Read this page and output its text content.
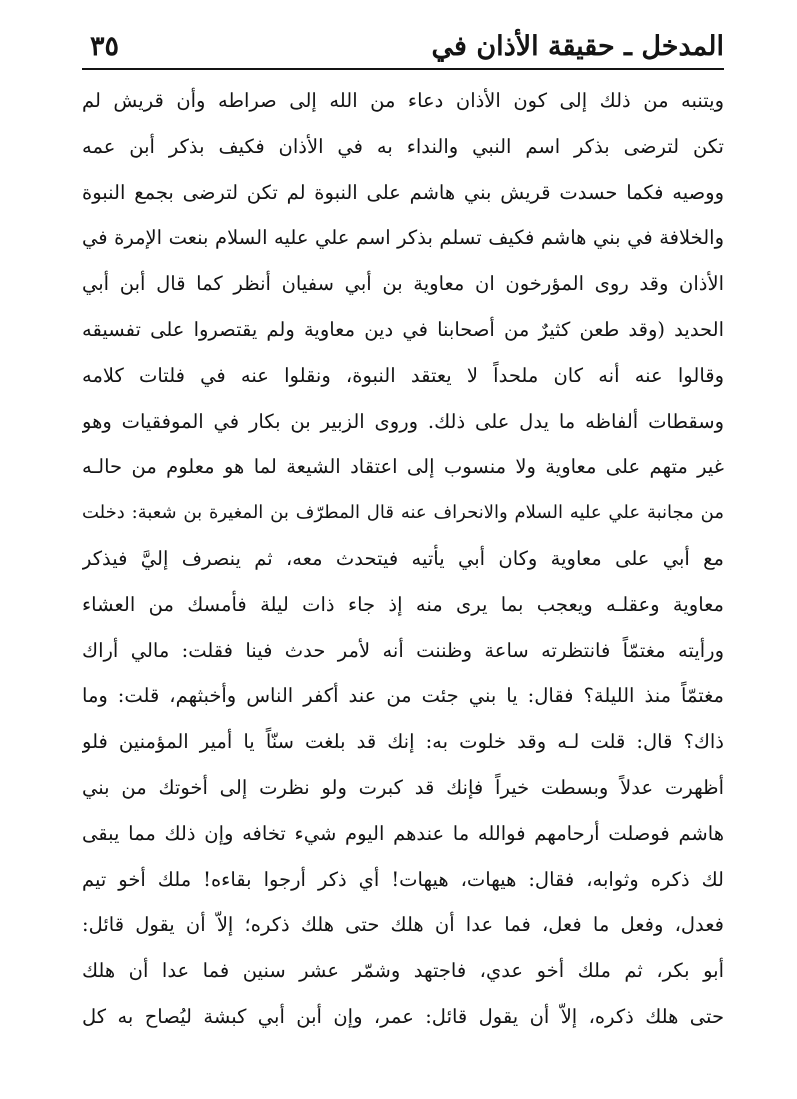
المدخل ـ حقيقة الأذان في
٣٥
ويتنبه من ذلك إلى كون الأذان دعاء من الله إلى صراطه وأن قريش لم
تكن لترضى بذكر اسم النبي والنداء به في الأذان فكيف بذكر أبن عمه
ووصيه فكما حسدت قريش بني هاشم على النبوة لم تكن لترضى بجمع النبوة
والخلافة في بني هاشم فكيف تسلم بذكر اسم علي عليه السلام بنعت الإمرة في
الأذان وقد روى المؤرخون ان معاوية بن أبي سفيان أنظر كما قال أبن أبي
الحديد (وقد طعن كثيرٌ من أصحابنا في دين معاوية ولم يقتصروا على تفسيقه
وقالوا عنه أنه كان ملحداً لا يعتقد النبوة، ونقلوا عنه في فلتات كلامه
وسقطات ألفاظه ما يدل على ذلك. وروى الزبير بن بكار في الموفقيات وهو
غير متهم على معاوية ولا منسوب إلى اعتقاد الشيعة لما هو معلوم من حالـه
من مجانبة علي عليه السلام والانحراف عنه قال المطرّف بن المغيرة بن شعبة: دخلت
مع أبي على معاوية وكان أبي يأتيه فيتحدث معه، ثم ينصرف إليَّ فيذكر
معاوية وعقلـه ويعجب بما يرى منه إذ جاء ذات ليلة فأمسك من العشاء
ورأيته مغتمّاً فانتظرته ساعة وظننت أنه لأمر حدث فينا فقلت: مالي أراك
مغتمّاً منذ الليلة؟ فقال: يا بني جئت من عند أكفر الناس وأخبثهم، قلت: وما
ذاك؟ قال: قلت لـه وقد خلوت به: إنك قد بلغت سنّاً يا أمير المؤمنين فلو
أظهرت عدلاً وبسطت خيراً فإنك قد كبرت ولو نظرت إلى أخوتك من بني
هاشم فوصلت أرحامهم فوالله ما عندهم اليوم شيء تخافه وإن ذلك مما يبقى
لك ذكره وثوابه، فقال: هيهات، هيهات! أي ذكر أرجوا بقاءه! ملك أخو تيم
فعدل، وفعل ما فعل، فما عدا أن هلك حتى هلك ذكره؛ إلاّ أن يقول قائل:
أبو بكر، ثم ملك أخو عدي، فاجتهد وشمّر عشر سنين فما عدا أن هلك
حتى هلك ذكره، إلاّ أن يقول قائل: عمر، وإن أبن أبي كبشة ليُصاح به كل
